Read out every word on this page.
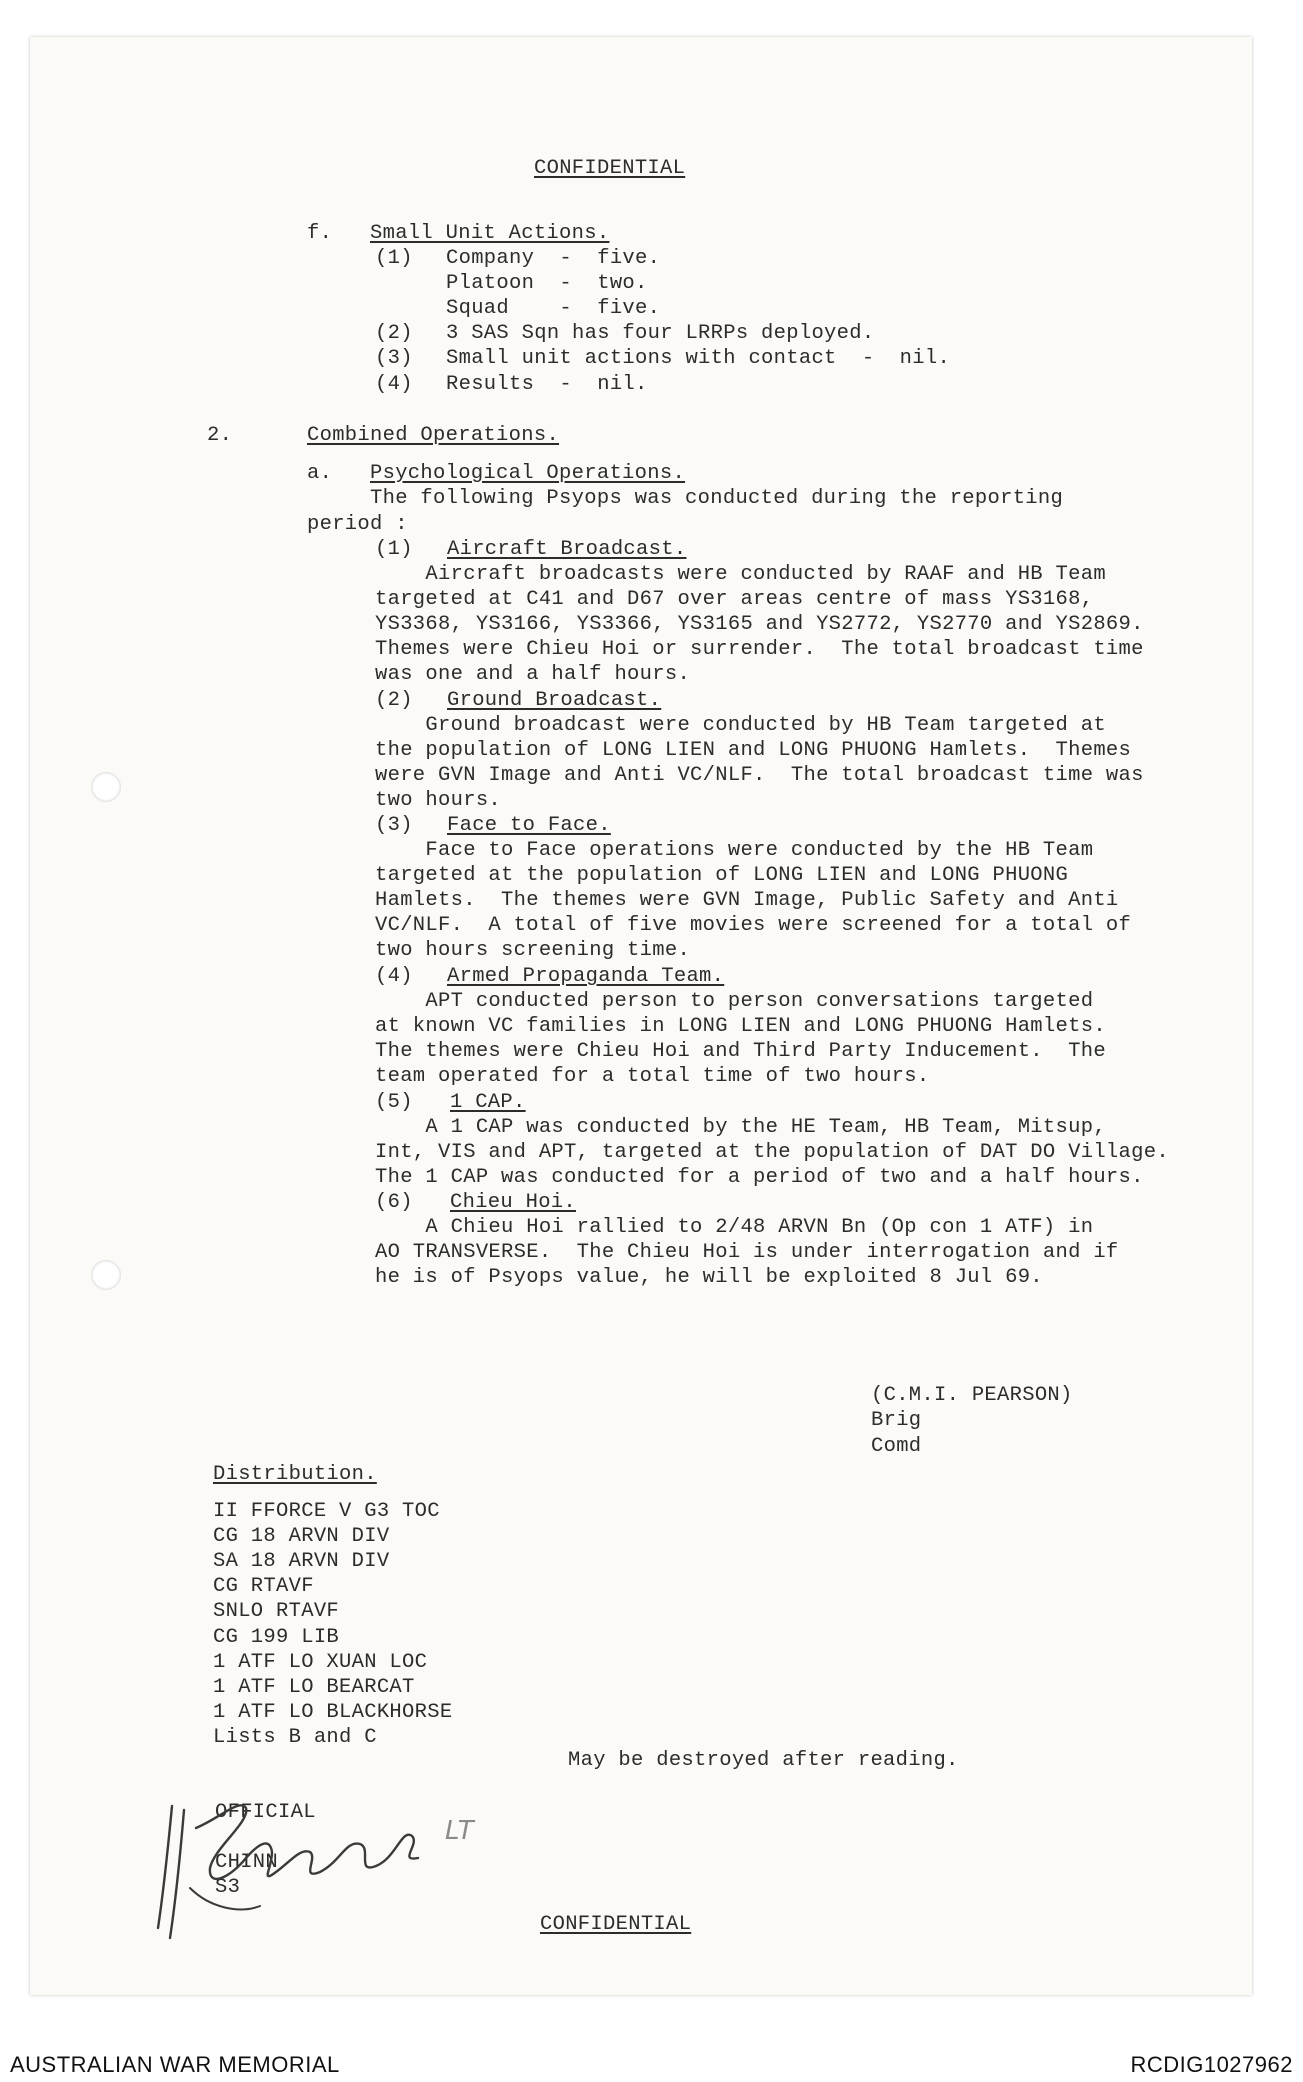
CONFIDENTIAL
f. Small Unit Actions.
(1) Company  -  five.
Platoon  -  two.
Squad    -  five.
(2) 3 SAS Sqn has four LRRPs deployed.
(3) Small unit actions with contact  -  nil.
(4) Results  -  nil.
2.	Combined Operations.
a. Psychological Operations.
The following Psyops was conducted during the reporting
period :
(1) Aircraft Broadcast.
Aircraft broadcasts were conducted by RAAF and HB Team
targeted at C41 and D67 over areas centre of mass YS3168,
YS3368, YS3166, YS3366, YS3165 and YS2772, YS2770 and YS2869.
Themes were Chieu Hoi or surrender.  The total broadcast time
was one and a half hours.
(2) Ground Broadcast.
Ground broadcast were conducted by HB Team targeted at
the population of LONG LIEN and LONG PHUONG Hamlets.  Themes
were GVN Image and Anti VC/NLF.  The total broadcast time was
two hours.
(3) Face to Face.
Face to Face operations were conducted by the HB Team
targeted at the population of LONG LIEN and LONG PHUONG
Hamlets.  The themes were GVN Image, Public Safety and Anti
VC/NLF.  A total of five movies were screened for a total of
two hours screening time.
(4) Armed Propaganda Team.
APT conducted person to person conversations targeted
at known VC families in LONG LIEN and LONG PHUONG Hamlets.
The themes were Chieu Hoi and Third Party Inducement.  The
team operated for a total time of two hours.
(5) 1 CAP.
A 1 CAP was conducted by the HE Team, HB Team, Mitsup,
Int, VIS and APT, targeted at the population of DAT DO Village.
The 1 CAP was conducted for a period of two and a half hours.
(6) Chieu Hoi.
A Chieu Hoi rallied to 2/48 ARVN Bn (Op con 1 ATF) in
AO TRANSVERSE.  The Chieu Hoi is under interrogation and if
he is of Psyops value, he will be exploited 8 Jul 69.
(C.M.I. PEARSON)
Brig
Comd
Distribution.
II FFORCE V G3 TOC
CG 18 ARVN DIV
SA 18 ARVN DIV
CG RTAVF
SNLO RTAVF
CG 199 LIB
1 ATF LO XUAN LOC
1 ATF LO BEARCAT
1 ATF LO BLACKHORSE
Lists B and C
May be destroyed after reading.
OFFICIAL
CHINN
S3
LT
CONFIDENTIAL
AUSTRALIAN WAR MEMORIAL	RCDIG1027962
